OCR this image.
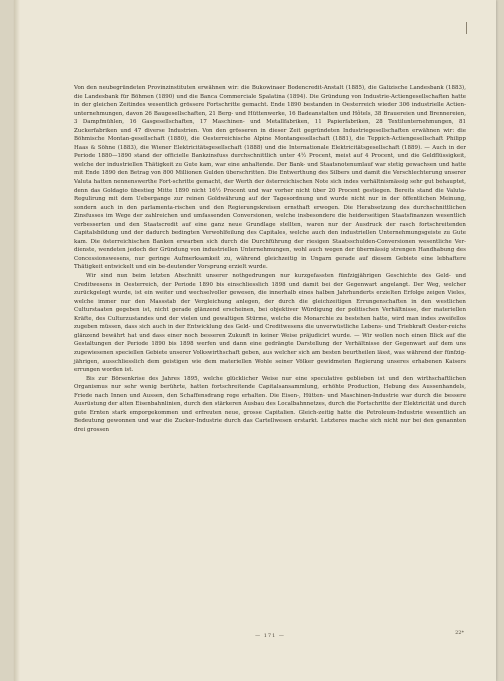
Von den neubegründeten Provinzinstituten erwähnen wir: die Bukowinaer Bodencredit-Anstalt (1885), die Galizische Landesbank (1883), die Landesbank für Böhmen (1890) und die Banca Commerciale Spalatina (1894). Die Gründung von Industrie-Actiengesellschaften hatte in der gleichen Zeitindes wesentlich grössere Fortschritte gemacht. Ende 1890 bestanden in Oesterreich wieder 306 industrielle Actien-unternehmungen, davon 26 Baugesellschaften, 21 Berg- und Hüttenwerke, 16 Badeanstalten und Hôtels, 38 Brauereien und Brennereien, 3 Dampfmühlen, 16 Gasgesellschaften, 17 Maschinen- und Metallfabriken, 11 Papierfabriken, 28 Textilunternehmungen, 81 Zuckerfabriken und 47 diverse Industrien. Von den grösseren in dieser Zeit gegründeten Industriegesellschaften erwähnen wir: die Böhmische Montan-gesellschaft (1880), die Oesterreichische Alpine Montangesellschaft (1881), die Teppich-Actiengesellschaft Philipp Haas & Söhne (1883), die Wiener Elektricitätsgesellschaft (1888) und die Internationale Elektricitätsgesellschaft (1889). — Auch in der Periode 1880—1890 stand der officielle Bankzinsfuss durchschnittlich unter 4½ Procent, meist auf 4 Procent, und die Geldflüssigkeit, welche der industriellen Thätigkeit zu Gute kam, war eine anhaltende. Der Bank- und Staatsnotenumlauf war stetig gewachsen und hatte mit Ende 1890 den Betrag von 800 Millionen Gulden überschritten. Die Entwerthung des Silbers und damit die Verschlechterung unserer Valuta hatten nennenswerthe Fort-schritte gemacht, der Werth der österreichischen Note sich indes verhältnismässig sehr gut behauptet, denn das Goldagio übestieg Mitte 1890 nicht 16½ Procent und war vorher nicht über 20 Procent gestiegen. Bereits stand die Valuta-Regulirung mit dem Uebergange zur reinen Goldwährung auf der Tagesordnung und wurde nicht nur in der öffentlichen Meinung, sondern auch in den parlamenta-rischen und den Regierungskreisen ernsthaft erwogen. Die Herabsetzung des durchschnittlichen Zinsfusses im Wege der zahlreichen und umfassenden Conversionen, welche insbesondere die heiderseitigen Staatsfinanzen wesentlich verbesserten und den Staatscredit auf eine ganz neue Grundlage stellten, waren nur der Ausdruck der rasch fortschreitenden Capitalsbildung und der dadurch bedingten Verwohlfeilung des Capitales, welche auch den industriellen Unternehmungsgeiste zu Gute kam. Die österreichischen Banken erwarben sich durch die Durchführung der riesigen Staatsschulden-Conversionen wesentliche Ver-dienste, wendeten jedoch der Gründung von industriellen Unternehmungen, wohl auch wegen der übermässig strengen Handhabung des Concessionswesens, nur geringe Aufmerksamkeit zu, während gleichzeitig in Ungarn gerade auf diesem Gebiete eine lebhaftere Thätigkeit entwickelt und ein be-deutender Vorsprung erzielt wurde.

Wir sind nun beim letzten Abschnitt unserer nothgedrungen nur kurzgefassten fünfzigjährigen Geschichte des Geld- und Creditwesens in Oesterreich, der Periode 1890 bis einschliesslich 1898 und damit bei der Gegenwart angelangt. Der Weg, welcher zurückgelegt wurde, ist ein weiter und wechselvoller gewesen, die innerhalb eines halben Jahrhunderts erzielten Erfolge zeigen Vieles, welche immer nur den Massstab der Vergleichung anlegen, der durch die gleichzeitigen Errungenschaften in den westlichen Culturstaaten gegeben ist, nicht gerade glänzend erscheinen, bei objektiver Würdigung der politischen Verhältnisse, der materiellen Kräfte, des Culturzustandes und der vielen und gewaltigen Stürme, welche die Monarchie zu bestehen hatte, wird man indes zweifellos zugeben müssen, dass sich auch in der Entwicklung des Geld- und Creditwesens die unverwüstliche Lebens- und Triebkraft Oester-reichs glänzend bewährt hat und dass einer noch besseren Zukunft in keiner Weise präjudicirt wurde. — Wir wollen noch einen Blick auf die Gestaltungen der Periode 1890 bis 1898 werfen und dann eine gedrängte Darstellung der Verhältnisse der Gegenwart auf dem uns zugewiesenen speciellen Gebiete unserer Volkswirthschaft geben, aus welcher sich am besten beurtheilen lässt, was während der fünfzig-jährigen, ausschliesslich dem geistigen wie dem materiellen Wohle seiner Völker gewidmeten Regierung unseres erhabenen Kaisers errungen worden ist.

Bis zur Börsenkrise des Jahres 1895, welche glücklicher Weise nur eine speculative geblieben ist und den wirthschaftlichen Organismus nur sehr wenig berührte, hatten fortschreitende Capitalsansammlung, erhöhte Production, Hebung des Aussenhandels, Friede nach Innen und Aussen, den Schaffensdrang rege erhalten. Die Eisen-, Hütten- und Maschinen-Industrie war durch die bessere Ausrüstung der alten Eisenbahnlinien, durch den stärkeren Ausbau des Localbahnnetzes, durch die Fortschritte der Elektricität und durch gute Ernten stark emporgekommen und erfreuten neue, grosse Capitalien. Gleich-zeitig hatte die Petroleum-Industrie wesentlich an Bedeutung gewonnen und war die Zucker-Industrie durch das Cartellwesen erstarkt. Letzteres mache sich nicht nur bei den genannten drei grossen

— 171 —	22*
